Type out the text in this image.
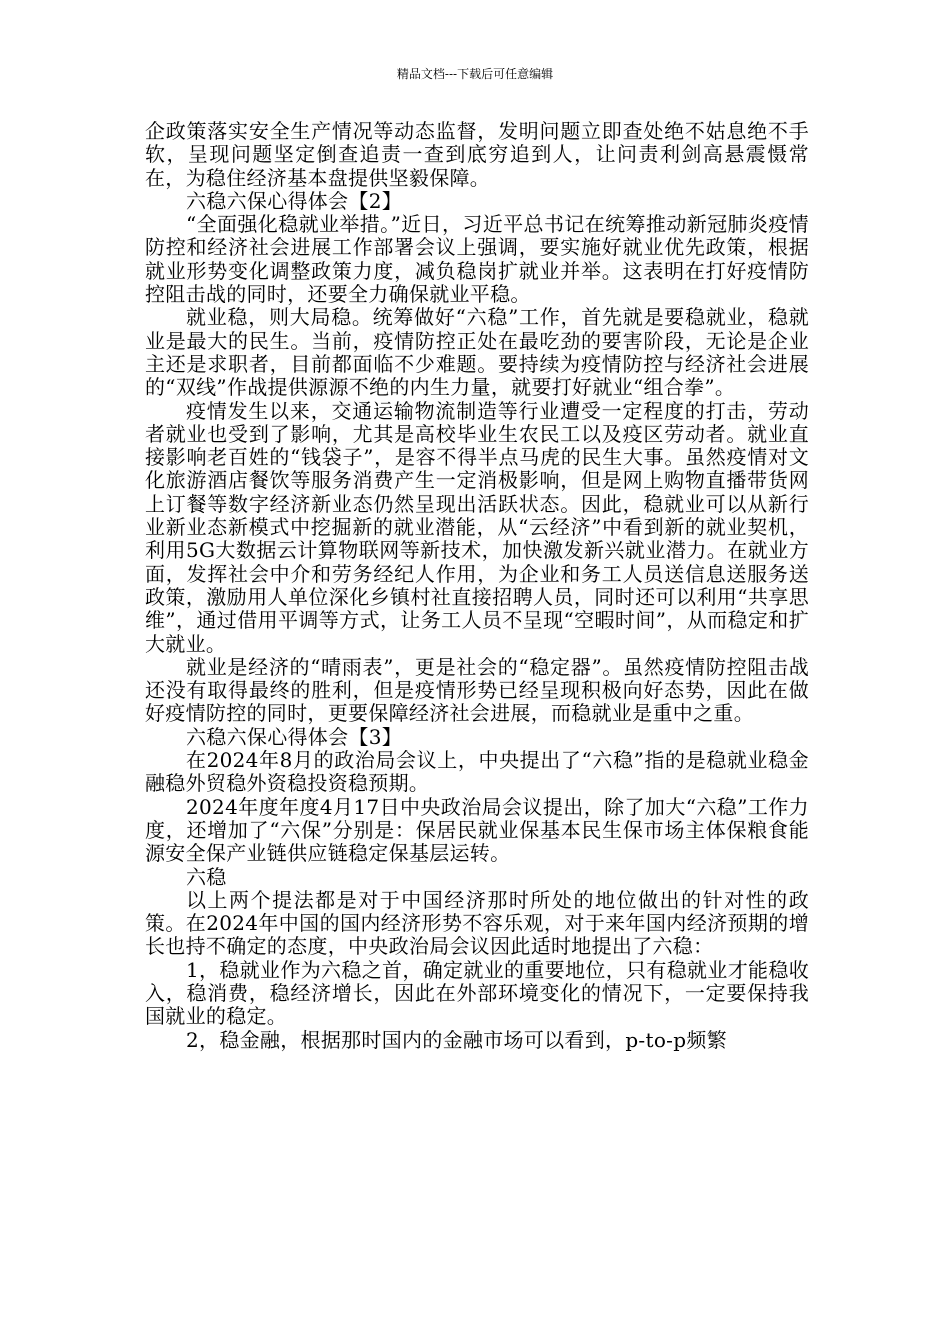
精品文档---下载后可任意编辑

企政策落实安全生产情况等动态监督，发明问题立即查处绝不姑息绝不手软，呈现问题坚定倒查追责一查到底穷追到人，让问责利剑高悬震慑常在，为稳住经济基本盘提供坚毅保障。

六稳六保心得体会【2】

“全面强化稳就业举措。”近日，习近平总书记在统筹推动新冠肺炎疫情防控和经济社会进展工作部署会议上强调，要实施好就业优先政策，根据就业形势变化调整政策力度，减负稳岗扩就业并举。这表明在打好疫情防控阻击战的同时，还要全力确保就业平稳。

就业稳，则大局稳。统筹做好“六稳”工作，首先就是要稳就业，稳就业是最大的民生。当前，疫情防控正处在最吃劲的要害阶段，无论是企业主还是求职者，目前都面临不少难题。要持续为疫情防控与经济社会进展的“双线”作战提供源源不绝的内生力量，就要打好就业“组合拳”。

疫情发生以来，交通运输物流制造等行业遭受一定程度的打击，劳动者就业也受到了影响，尤其是高校毕业生农民工以及疫区劳动者。就业直接影响老百姓的“钱袋子”，是容不得半点马虎的民生大事。虽然疫情对文化旅游酒店餐饮等服务消费产生一定消极影响，但是网上购物直播带货网上订餐等数字经济新业态仍然呈现出活跃状态。因此，稳就业可以从新行业新业态新模式中挖掘新的就业潜能，从“云经济”中看到新的就业契机，利用5G大数据云计算物联网等新技术，加快激发新兴就业潜力。在就业方面，发挥社会中介和劳务经纪人作用，为企业和务工人员送信息送服务送政策，激励用人单位深化乡镇村社直接招聘人员，同时还可以利用“共享思维”，通过借用平调等方式，让务工人员不呈现“空暇时间”，从而稳定和扩大就业。

就业是经济的“晴雨表”，更是社会的“稳定器”。虽然疫情防控阻击战还没有取得最终的胜利，但是疫情形势已经呈现积极向好态势，因此在做好疫情防控的同时，更要保障经济社会进展，而稳就业是重中之重。

六稳六保心得体会【3】

在2024年8月的政治局会议上，中央提出了“六稳”指的是稳就业稳金融稳外贸稳外资稳投资稳预期。

2024年度年度4月17日中央政治局会议提出，除了加大“六稳”工作力度，还增加了“六保”分别是：保居民就业保基本民生保市场主体保粮食能源安全保产业链供应链稳定保基层运转。

六稳

以上两个提法都是对于中国经济那时所处的地位做出的针对性的政策。在2024年中国的国内经济形势不容乐观，对于来年国内经济预期的增长也持不确定的态度，中央政治局会议因此适时地提出了六稳：

1，稳就业作为六稳之首，确定就业的重要地位，只有稳就业才能稳收入，稳消费，稳经济增长，因此在外部环境变化的情况下，一定要保持我国就业的稳定。

2，稳金融，根据那时国内的金融市场可以看到，p-to-p频繁
